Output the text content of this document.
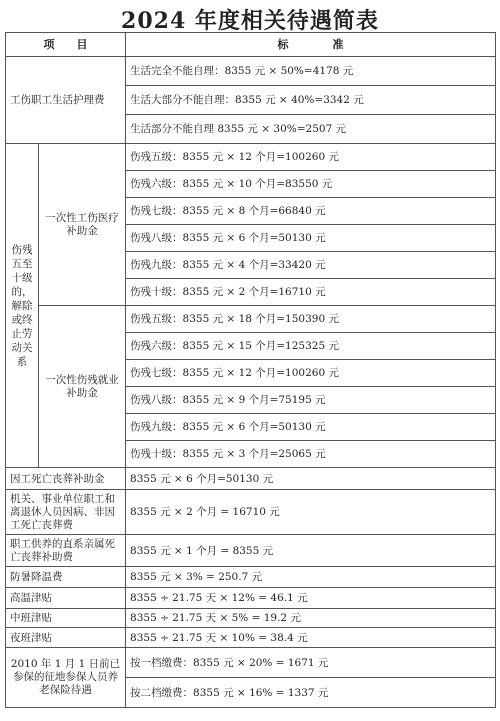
2024 年度相关待遇简表
项　　目		标　　　　准
工伤职工生活护理费		生活完全不能自理：8355 元 × 50%=4178 元
		生活大部分不能自理：8355 元 × 40%=3342 元
		生活部分不能自理 8355 元 × 30%=2507 元
伤残五至十级的，解除或终止劳动关系	一次性工伤医疗补助金	伤残五级：8355 元 × 12 个月=100260 元
		伤残六级：8355 元 × 10 个月=83550 元
		伤残七级：8355 元 × 8 个月=66840 元
		伤残八级：8355 元 × 6 个月=50130 元
		伤残九级：8355 元 × 4 个月=33420 元
		伤残十级：8355 元 × 2 个月=16710 元
	一次性伤残就业补助金	伤残五级：8355 元 × 18 个月=150390 元
		伤残六级：8355 元 × 15 个月=125325 元
		伤残七级：8355 元 × 12 个月=100260 元
		伤残八级：8355 元 × 9 个月=75195 元
		伤残九级：8355 元 × 6 个月=50130 元
		伤残十级：8355 元 × 3 个月=25065 元
因工死亡丧葬补助金		8355 元 × 6 个月=50130 元
机关、事业单位职工和离退休人员因病、非因工死亡丧葬费		8355 元 × 2 个月 = 16710 元
职工供养的直系亲属死亡丧葬补助费		8355 元 × 1 个月 = 8355 元
防暑降温费		8355 元 × 3% = 250.7 元
高温津贴		8355 ÷ 21.75 天 × 12% = 46.1 元
中班津贴		8355 ÷ 21.75 天 × 5% = 19.2 元
夜班津贴		8355 ÷ 21.75 天 × 10% = 38.4 元
2010 年 1 月 1 日前已参保的征地参保人员养老保险待遇		按一档缴费：8355 元 × 20% = 1671 元
		按二档缴费：8355 元 × 16% = 1337 元
